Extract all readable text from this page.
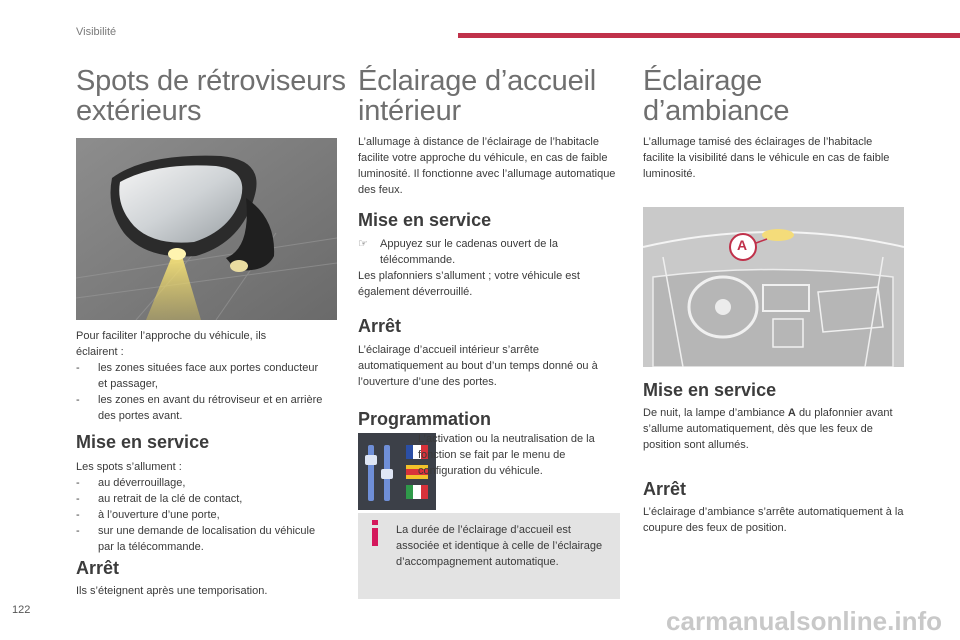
Visibilité
Spots de rétroviseurs
extérieurs
Pour faciliter l’approche du véhicule, ils
éclairent :
- les zones situées face aux portes conducteur et passager,
- les zones en avant du rétroviseur et en arrière des portes avant.
Mise en service
Les spots s’allument :
- au déverrouillage,
- au retrait de la clé de contact,
- à l’ouverture d’une porte,
- sur une demande de localisation du véhicule par la télécommande.
Arrêt
Ils s’éteignent après une temporisation.
Éclairage d’accueil
intérieur
L’allumage à distance de l’éclairage de l’habitacle facilite votre approche du véhicule, en cas de faible luminosité. Il fonctionne avec l’allumage automatique des feux.
Mise en service
☞ Appuyez sur le cadenas ouvert de la télécommande.
Les plafonniers s’allument ; votre véhicule est également déverrouillé.
Arrêt
L’éclairage d’accueil intérieur s’arrête automatiquement au bout d’un temps donné ou à l’ouverture d’une des portes.
Programmation
L’activation ou la neutralisation de la fonction se fait par le menu de configuration du véhicule.
La durée de l’éclairage d’accueil est associée et identique à celle de l’éclairage d’accompagnement automatique.
Éclairage
d’ambiance
L’allumage tamisé des éclairages de l’habitacle facilite la visibilité dans le véhicule en cas de faible luminosité.
A
Mise en service
De nuit, la lampe d’ambiance A du plafonnier avant s’allume automatiquement, dès que les feux de position sont allumés.
Arrêt
L’éclairage d’ambiance s’arrête automatiquement à la coupure des feux de position.
122	carmanualsonline.info
